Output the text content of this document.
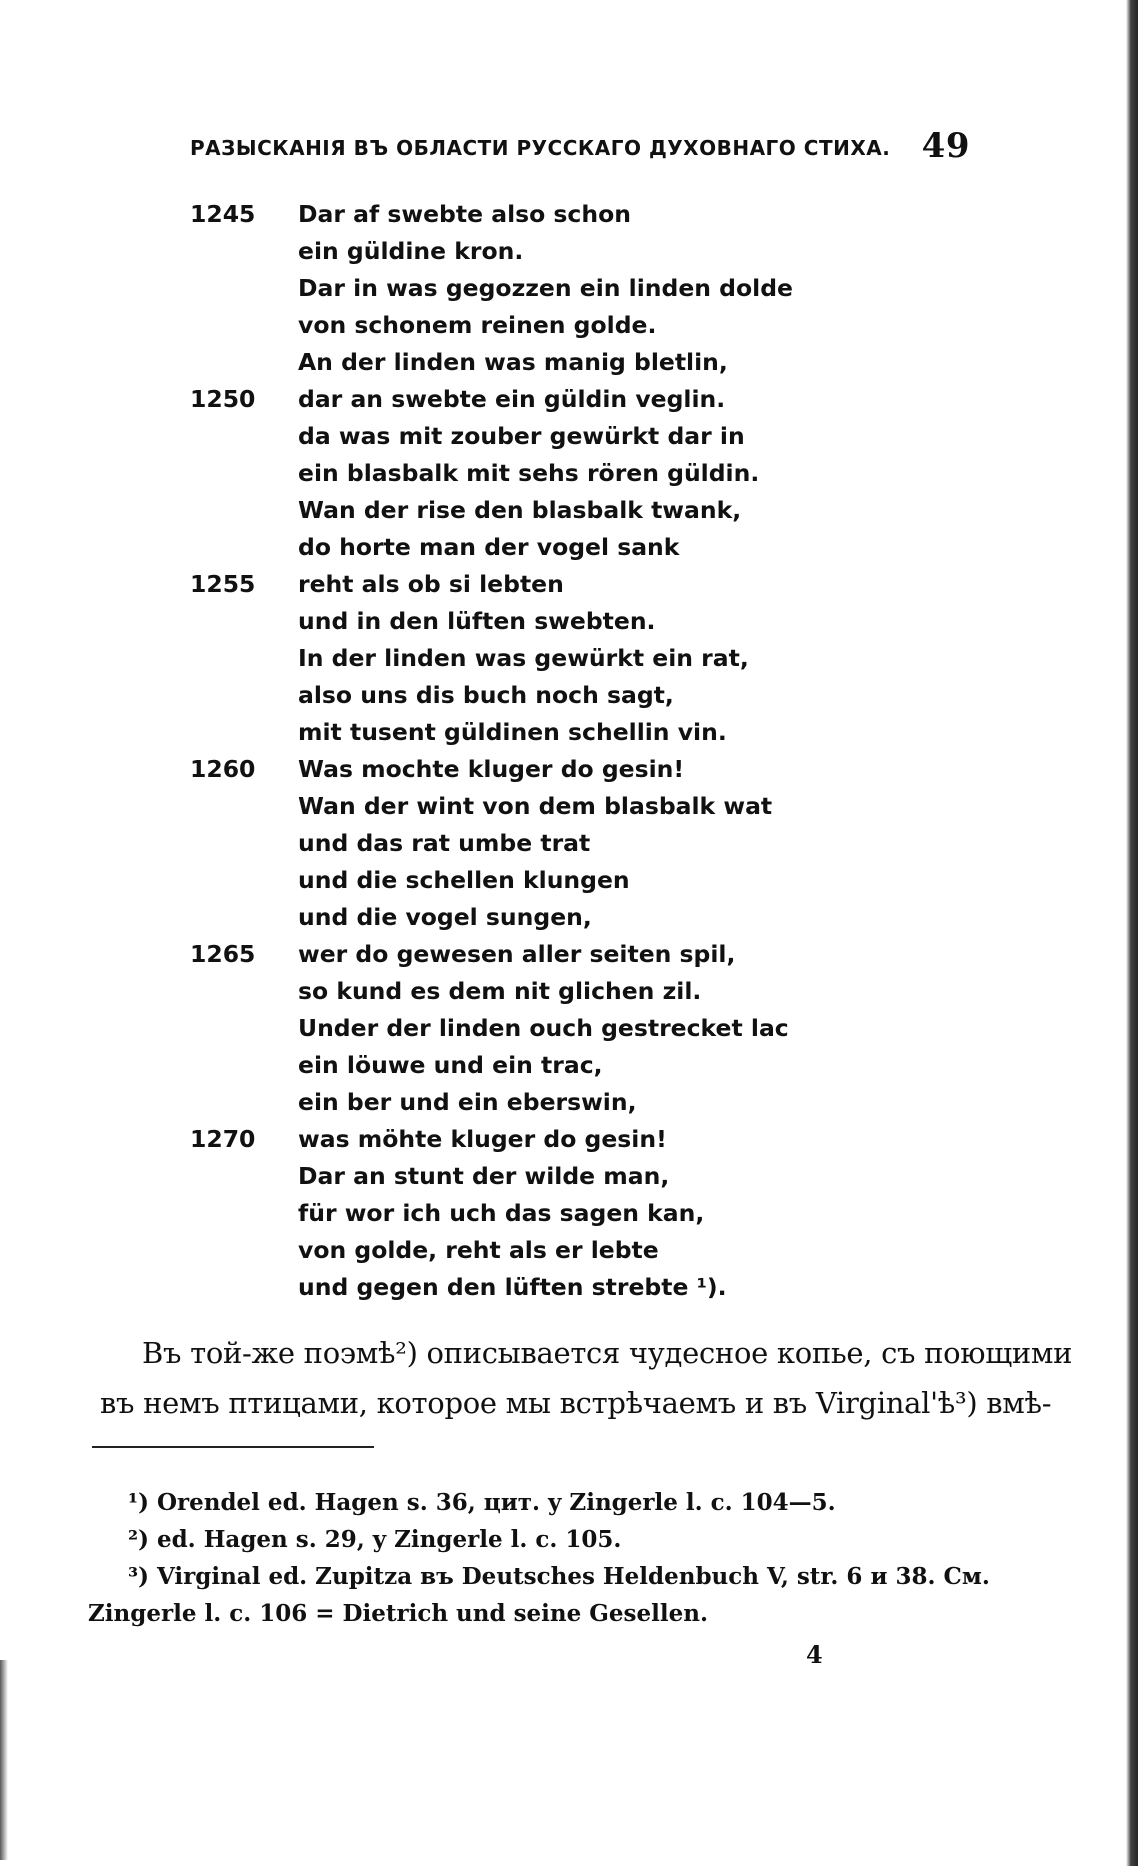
РАЗЫСКАНІЯ ВЪ ОБЛАСТИ РУССКАГО ДУХОВНАГО СТИХА. 49
1245	Dar af swebte also schon
ein güldine kron.
Dar in was gegozzen ein linden dolde
von schonem reinen golde.
An der linden was manig bletlin,
1250	dar an swebte ein güldin veglin.
da was mit zouber gewürkt dar in
ein blasbalk mit sehs rören güldin.
Wan der rise den blasbalk twank,
do horte man der vogel sank
1255	reht als ob si lebten
und in den lüften swebten.
In der linden was gewürkt ein rat,
also uns dis buch noch sagt,
mit tusent güldinen schellin vin.
1260	Was mochte kluger do gesin!
Wan der wint von dem blasbalk wat
und das rat umbe trat
und die schellen klungen
und die vogel sungen,
1265	wer do gewesen aller seiten spil,
so kund es dem nit glichen zil.
Under der linden ouch gestrecket lac
ein löuwe und ein trac,
ein ber und ein eberswin,
1270	was möhte kluger do gesin!
Dar an stunt der wilde man,
für wor ich uch das sagen kan,
von golde, reht als er lebte
und gegen den lüften strebte ¹).

Въ той-же поэмѣ²) описывается чудесное копье, съ поющими

въ немъ птицами, которое мы встрѣчаемъ и въ Virginal'ѣ³) вмѣ-

¹) Orendel ed. Hagen s. 36, цит. y Zingerle l. c. 104—5.

²) ed. Hagen s. 29, y Zingerle l. c. 105.

³) Virginal ed. Zupitza въ Deutsches Heldenbuch V, str. 6 и 38. Cм.

Zingerle l. c. 106 = Dietrich und seine Gesellen.

4
